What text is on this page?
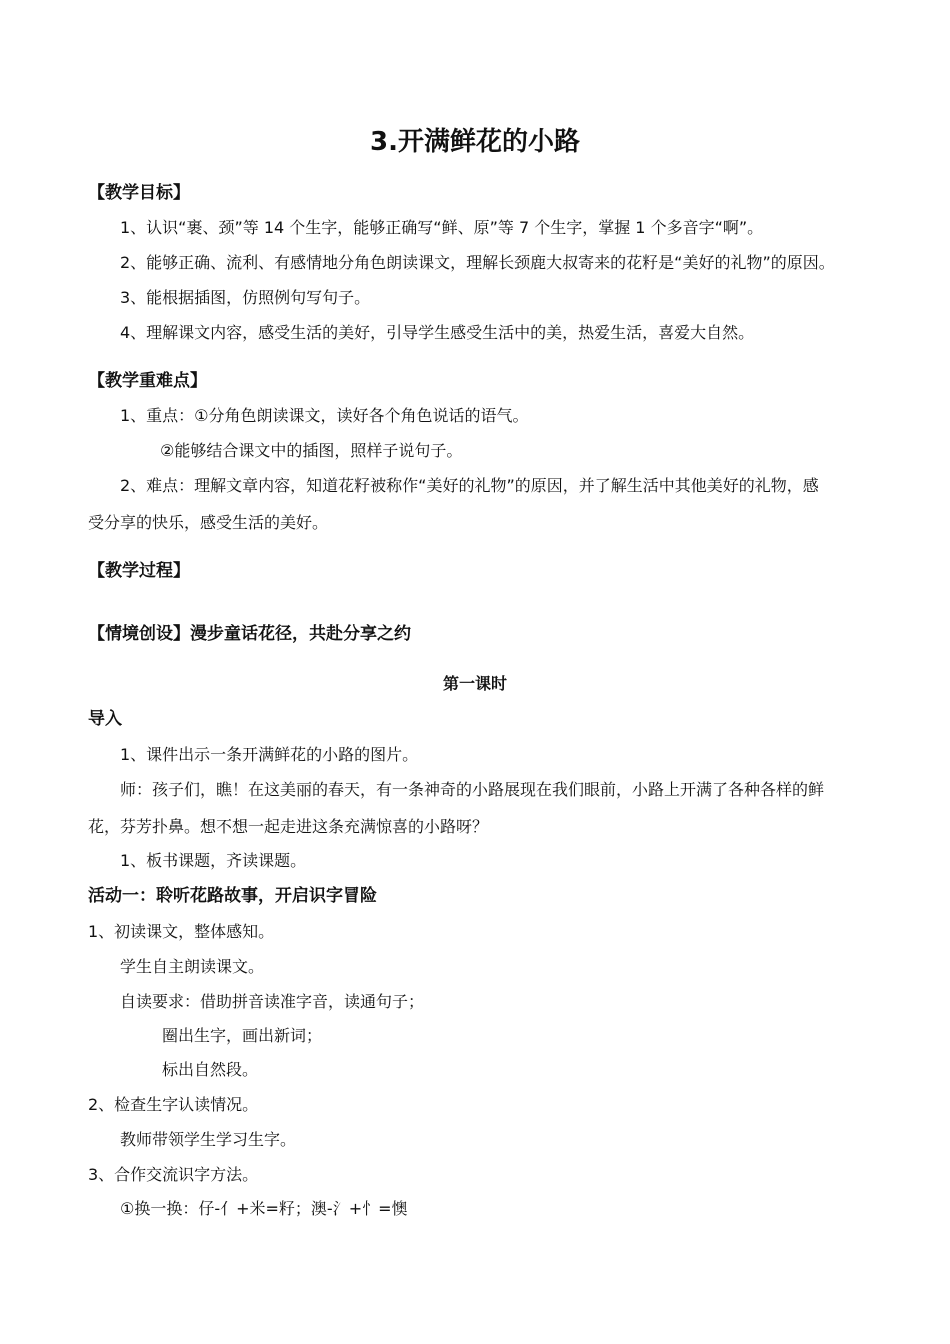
3.开满鲜花的小路
【教学目标】
1、认识“裹、颈”等 14 个生字，能够正确写“鲜、原”等 7 个生字，掌握 1 个多音字“啊”。
2、能够正确、流利、有感情地分角色朗读课文，理解长颈鹿大叔寄来的花籽是“美好的礼物”的原因。
3、能根据插图，仿照例句写句子。
4、理解课文内容，感受生活的美好，引导学生感受生活中的美，热爱生活，喜爱大自然。
【教学重难点】
1、重点：①分角色朗读课文，读好各个角色说话的语气。
②能够结合课文中的插图，照样子说句子。
2、难点：理解文章内容，知道花籽被称作“美好的礼物”的原因，并了解生活中其他美好的礼物，感
受分享的快乐，感受生活的美好。
【教学过程】
【情境创设】漫步童话花径，共赴分享之约
第一课时
导入
1、课件出示一条开满鲜花的小路的图片。
师：孩子们，瞧！在这美丽的春天，有一条神奇的小路展现在我们眼前，小路上开满了各种各样的鲜
花，芬芳扑鼻。想不想一起走进这条充满惊喜的小路呀？
1、板书课题，齐读课题。
活动一：聆听花路故事，开启识字冒险
1、初读课文，整体感知。
学生自主朗读课文。
自读要求：借助拼音读准字音，读通句子；
圈出生字，画出新词；
标出自然段。
2、检查生字认读情况。
教师带领学生学习生字。
3、合作交流识字方法。
①换一换：仔-亻+米=籽；澳-氵+忄=懊
